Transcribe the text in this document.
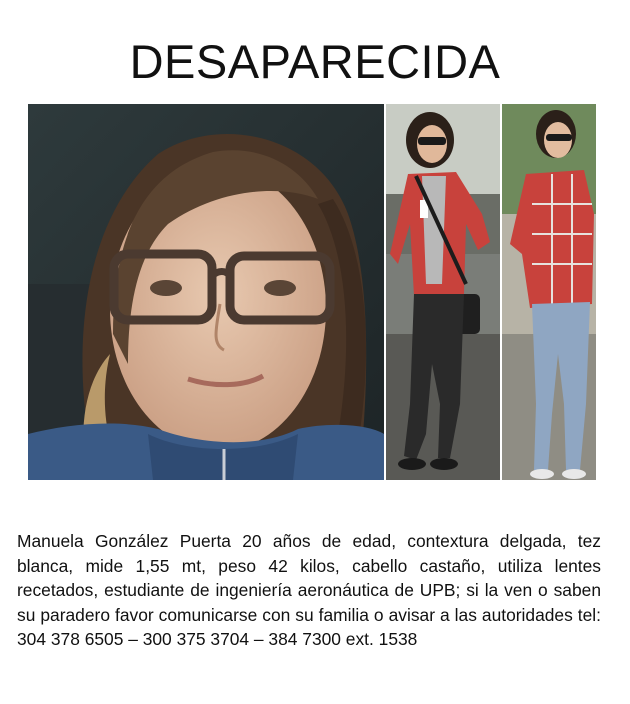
DESAPARECIDA
Manuela González Puerta 20 años de edad, contextura delgada, tez blanca, mide 1,55 mt, peso 42 kilos, cabello castaño, utiliza lentes recetados, estudiante de ingeniería aeronáutica de UPB; si la ven o saben su paradero favor comunicarse con su familia o avisar a las autoridades tel: 304 378 6505 – 300 375 3704 – 384 7300 ext. 1538
